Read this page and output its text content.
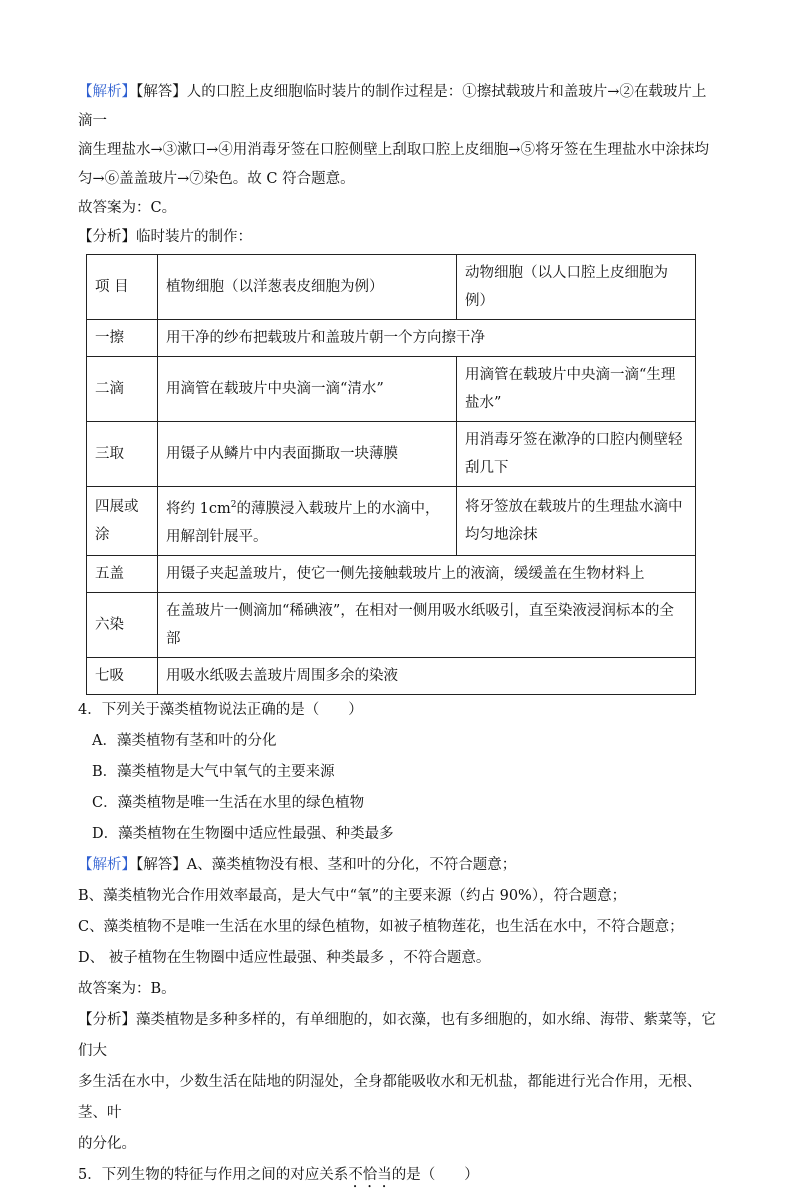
【解析】【解答】人的口腔上皮细胞临时装片的制作过程是：①擦拭载玻片和盖玻片→②在载玻片上滴一

滴生理盐水→③漱口→④用消毒牙签在口腔侧壁上刮取口腔上皮细胞→⑤将牙签在生理盐水中涂抹均

匀→⑥盖盖玻片→⑦染色。故 C 符合题意。

故答案为：C。

【分析】临时装片的制作：

项 目	植物细胞（以洋葱表皮细胞为例）	动物细胞（以人口腔上皮细胞为例）
一擦	用干净的纱布把载玻片和盖玻片朝一个方向擦干净	
二滴	用滴管在载玻片中央滴一滴“清水”	用滴管在载玻片中央滴一滴“生理盐水”
三取	用镊子从鳞片中内表面撕取一块薄膜	用消毒牙签在漱净的口腔内侧壁轻刮几下
四展或涂	将约 $1cm^2$的薄膜浸入载玻片上的水滴中，用解剖针展平。	将牙签放在载玻片的生理盐水滴中均匀地涂抹
五盖	用镊子夹起盖玻片，使它一侧先接触载玻片上的液滴，缓缓盖在生物材料上	
六染	在盖玻片一侧滴加“稀碘液”，在相对一侧用吸水纸吸引，直至染液浸润标本的全部	
七吸	用吸水纸吸去盖玻片周围多余的染液	

4．下列关于藻类植物说法正确的是（　　）

A．藻类植物有茎和叶的分化

B．藻类植物是大气中氧气的主要来源

C．藻类植物是唯一生活在水里的绿色植物

D．藻类植物在生物圈中适应性最强、种类最多

【解析】【解答】A、藻类植物没有根、茎和叶的分化，不符合题意；

B、藻类植物光合作用效率最高，是大气中“氧”的主要来源（约占 90%），符合题意；

C、藻类植物不是唯一生活在水里的绿色植物，如被子植物莲花，也生活在水中，不符合题意；

D、 被子植物在生物圈中适应性最强、种类最多 ，不符合题意。

故答案为：B。

【分析】藻类植物是多种多样的，有单细胞的，如衣藻，也有多细胞的，如水绵、海带、紫菜等，它们大

多生活在水中，少数生活在陆地的阴湿处，全身都能吸收水和无机盐，都能进行光合作用，无根、茎、叶

的分化。

5．下列生物的特征与作用之间的对应关系不恰当的是（　　）
